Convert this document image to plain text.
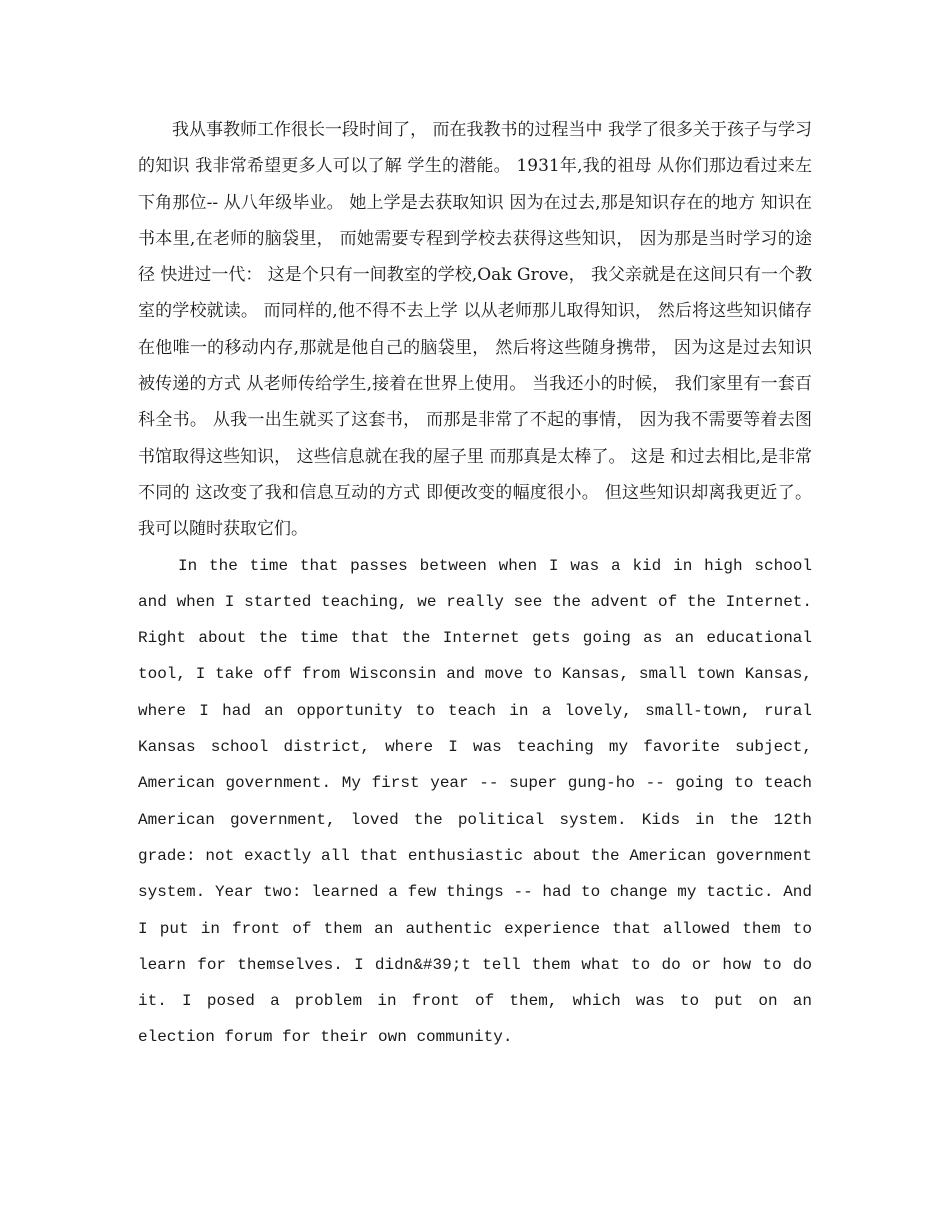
我从事教师工作很长一段时间了， 而在我教书的过程当中 我学了很多关于孩子与学习的知识 我非常希望更多人可以了解 学生的潜能。 1931年,我的祖母 从你们那边看过来左下角那位-- 从八年级毕业。 她上学是去获取知识 因为在过去,那是知识存在的地方 知识在书本里,在老师的脑袋里， 而她需要专程到学校去获得这些知识， 因为那是当时学习的途径 快进过一代： 这是个只有一间教室的学校,Oak Grove， 我父亲就是在这间只有一个教室的学校就读。 而同样的,他不得不去上学 以从老师那儿取得知识， 然后将这些知识储存在他唯一的移动内存,那就是他自己的脑袋里， 然后将这些随身携带， 因为这是过去知识被传递的方式 从老师传给学生,接着在世界上使用。 当我还小的时候， 我们家里有一套百科全书。 从我一出生就买了这套书， 而那是非常了不起的事情， 因为我不需要等着去图书馆取得这些知识， 这些信息就在我的屋子里 而那真是太棒了。 这是 和过去相比,是非常不同的 这改变了我和信息互动的方式 即便改变的幅度很小。 但这些知识却离我更近了。 我可以随时获取它们。

In the time that passes between when I was a kid in high school and when I started teaching, we really see the advent of the Internet. Right about the time that the Internet gets going as an educational tool, I take off from Wisconsin and move to Kansas, small town Kansas, where I had an opportunity to teach in a lovely, small-town, rural Kansas school district, where I was teaching my favorite subject, American government. My first year -- super gung-ho -- going to teach American government, loved the political system. Kids in the 12th grade: not exactly all that enthusiastic about the American government system. Year two: learned a few things -- had to change my tactic. And I put in front of them an authentic experience that allowed them to learn for themselves. I didn&#39;t tell them what to do or how to do it. I posed a problem in front of them, which was to put on an election forum for their own community.
